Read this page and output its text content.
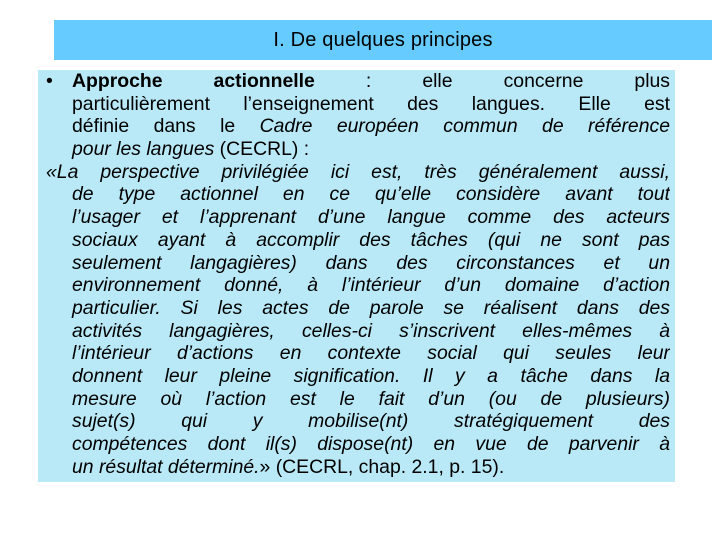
I. De quelques principes
• Approche actionnelle : elle concerne plus
particulièrement l’enseignement des langues. Elle est
définie dans le Cadre européen commun de référence
pour les langues (CECRL) :
«La perspective privilégiée ici est, très généralement aussi,
de type actionnel en ce qu’elle considère avant tout
l’usager et l’apprenant d’une langue comme des acteurs
sociaux ayant à accomplir des tâches (qui ne sont pas
seulement langagières) dans des circonstances et un
environnement donné, à l’intérieur d’un domaine d’action
particulier. Si les actes de parole se réalisent dans des
activités langagières, celles-ci s’inscrivent elles-mêmes à
l’intérieur d’actions en contexte social qui seules leur
donnent leur pleine signification. Il y a tâche dans la
mesure où l’action est le fait d’un (ou de plusieurs)
sujet(s) qui y mobilise(nt) stratégiquement des
compétences dont il(s) dispose(nt) en vue de parvenir à
un résultat déterminé.» (CECRL, chap. 2.1, p. 15).
